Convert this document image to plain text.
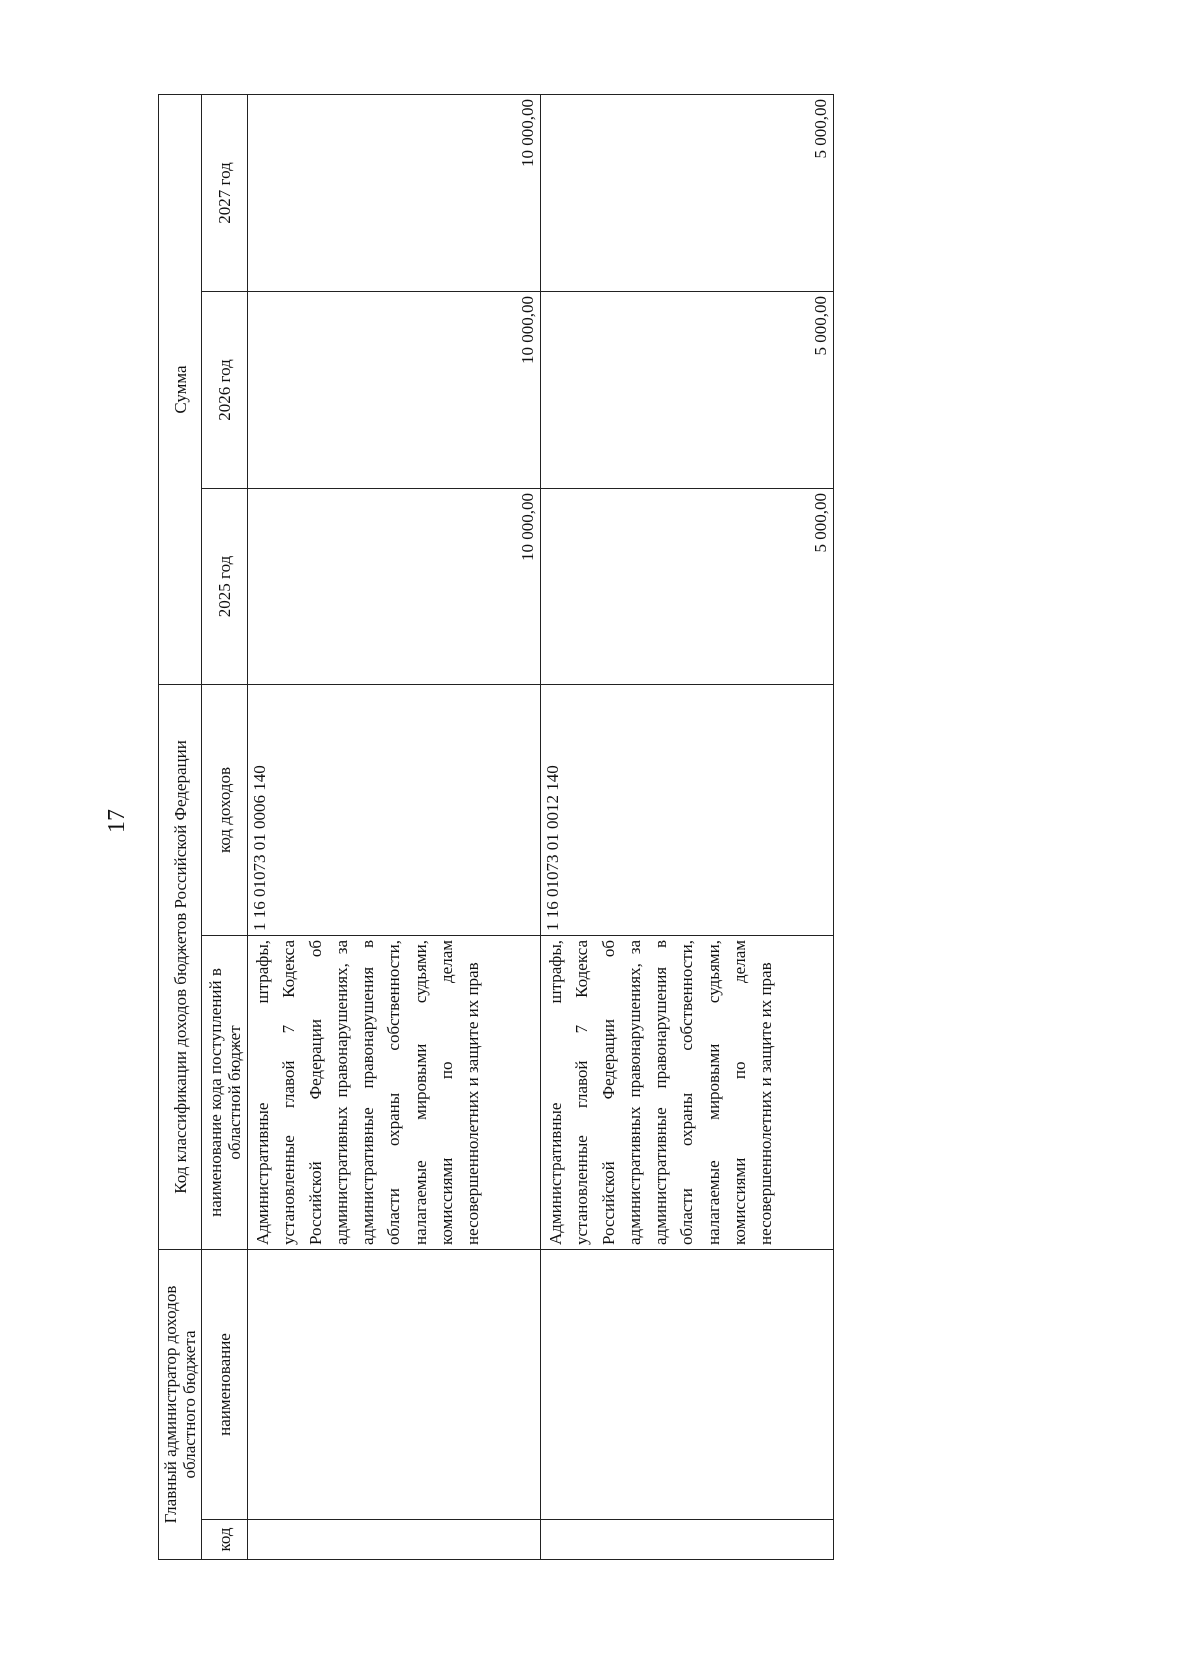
17
Главный администратор доходов областного бюджета		Код классификации доходов бюджетов Российской Федерации		Сумма		
код	наименование	наименование кода поступлений в областной бюджет	код доходов	2025 год	2026 год	2027 год
		Административные штрафы, установленные главой 7 Кодекса Российской Федерации об административных правонарушениях, за административные правонарушения в области охраны собственности, налагаемые мировыми судьями, комиссиями по делам несовершеннолетних и защите их прав	1 16 01073 01 0006 140	10 000,00	10 000,00	10 000,00
		Административные штрафы, установленные главой 7 Кодекса Российской Федерации об административных правонарушениях, за административные правонарушения в области охраны собственности, налагаемые мировыми судьями, комиссиями по делам несовершеннолетних и защите их прав	1 16 01073 01 0012 140	5 000,00	5 000,00	5 000,00
